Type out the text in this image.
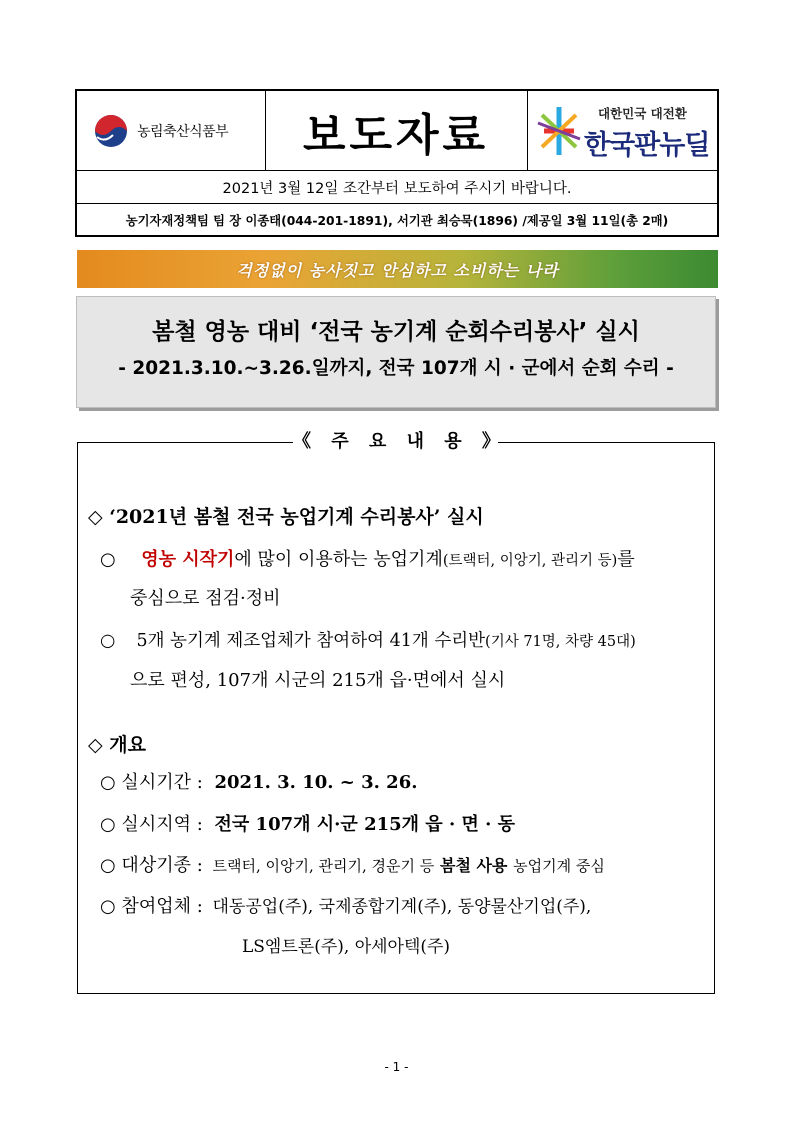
농림축산식품부 보도자료	대한민국 대전환
한국판뉴딜
2021년 3월 12일 조간부터 보도하여 주시기 바랍니다.
농기자재정책팀 팀 장 이종태(044-201-1891), 서기관 최승묵(1896) /제공일 3월 11일(총 2매)
걱정없이 농사짓고 안심하고 소비하는 나라
봄철 영농 대비 ‘전국 농기계 순회수리봉사’ 실시
- 2021.3.10.~3.26.일까지, 전국 107개 시 · 군에서 순회 수리 -
《 주 요 내 용 》
◇ ‘2021년 봄철 전국 농업기계 수리봉사’ 실시
○ 영농 시작기에 많이 이용하는 농업기계(트랙터, 이앙기, 관리기 등)를
중심으로 점검·정비
○ 5개 농기계 제조업체가 참여하여 41개 수리반(기사 71명, 차량 45대)
으로 편성, 107개 시군의 215개 읍·면에서 실시
◇ 개요
○ 실시기간 : 2021. 3. 10. ~ 3. 26.
○ 실시지역 : 전국 107개 시·군 215개 읍 · 면 · 동
○ 대상기종 : 트랙터, 이앙기, 관리기, 경운기 등 봄철 사용 농업기계 중심
○ 참여업체 : 대동공업(주), 국제종합기계(주), 동양물산기업(주),
LS엠트론(주), 아세아텍(주)
- 1 -
